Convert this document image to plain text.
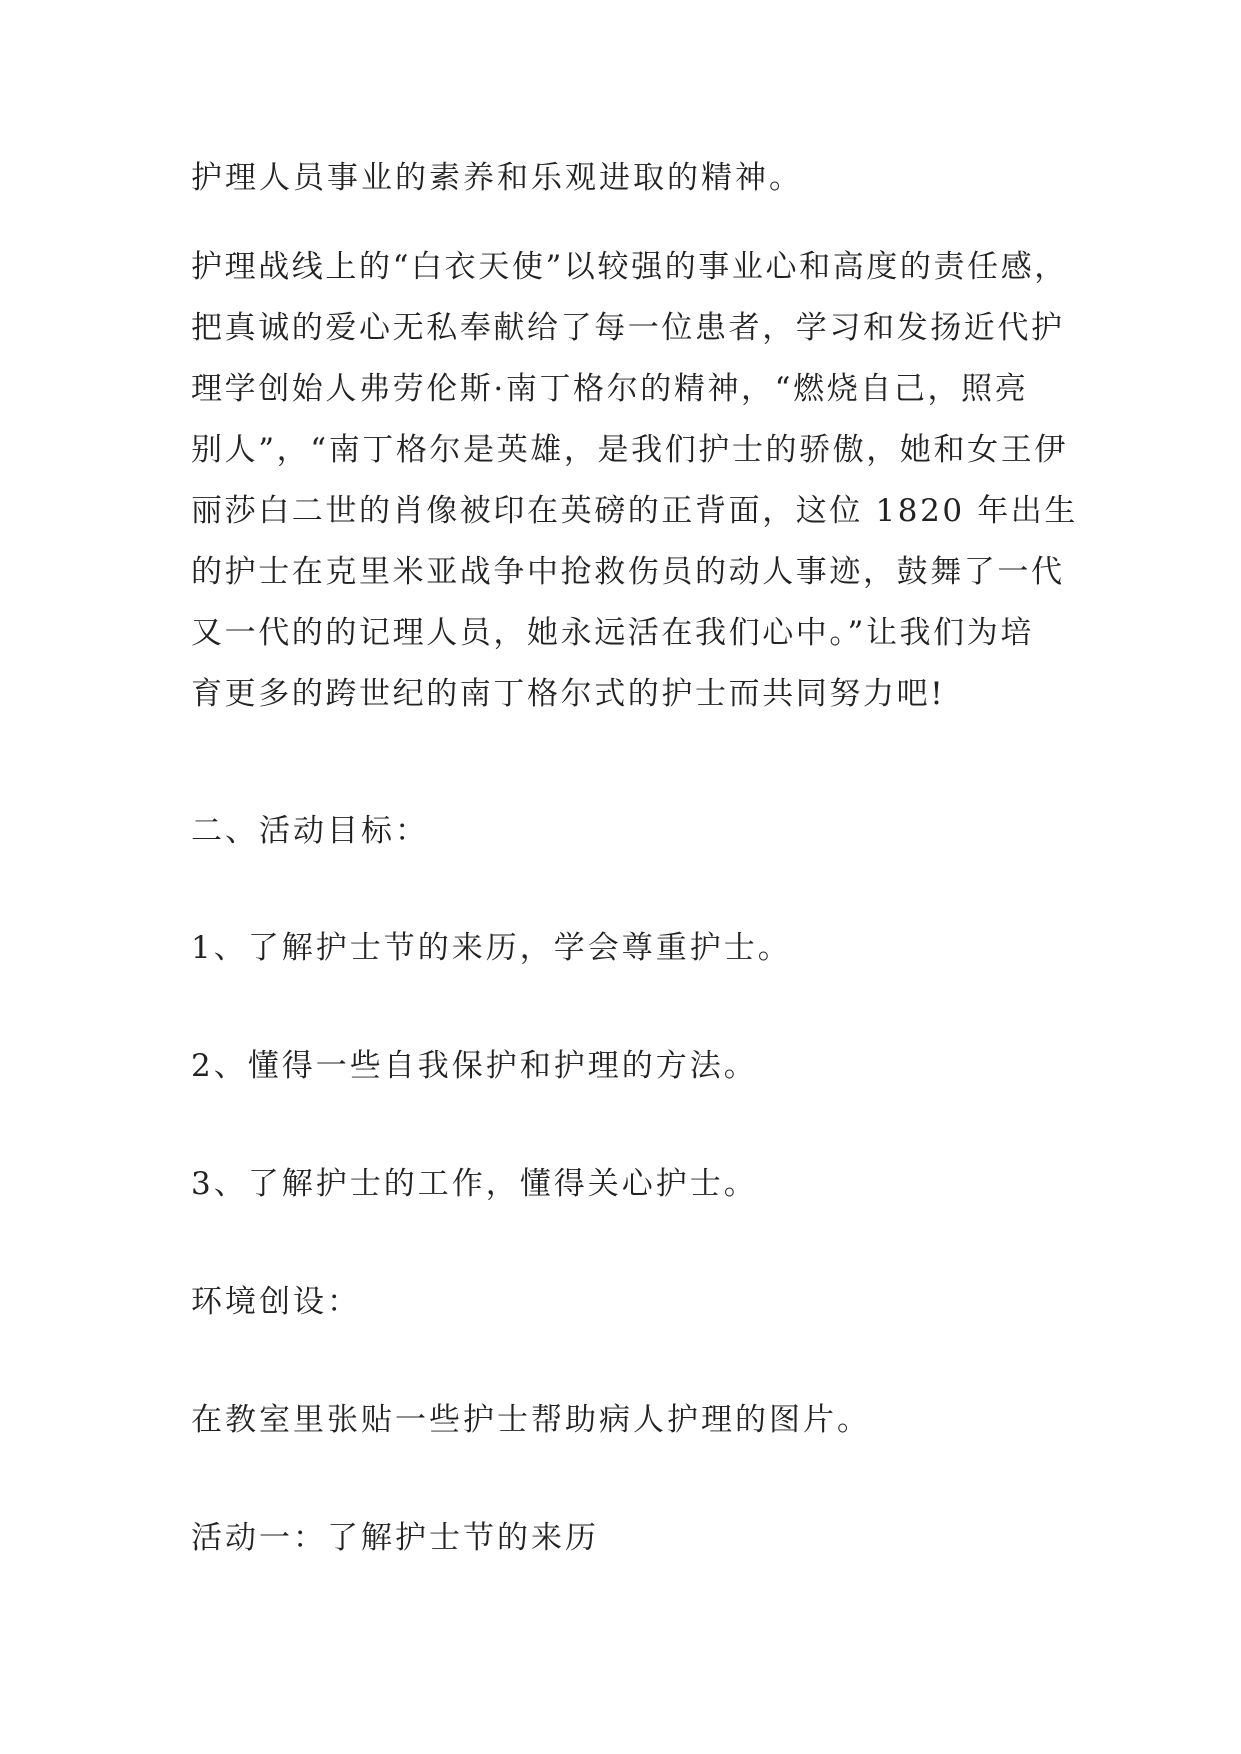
护理人员事业的素养和乐观进取的精神。

护理战线上的“白衣天使”以较强的事业心和高度的责任感，
把真诚的爱心无私奉献给了每一位患者，学习和发扬近代护
理学创始人弗劳伦斯·南丁格尔的精神，“燃烧自己，照亮
别人”，“南丁格尔是英雄，是我们护士的骄傲，她和女王伊
丽莎白二世的肖像被印在英磅的正背面，这位 1820 年出生
的护士在克里米亚战争中抢救伤员的动人事迹，鼓舞了一代
又一代的的记理人员，她永远活在我们心中。”让我们为培
育更多的跨世纪的南丁格尔式的护士而共同努力吧!

二、活动目标：

1、了解护士节的来历，学会尊重护士。

2、懂得一些自我保护和护理的方法。

3、了解护士的工作，懂得关心护士。

环境创设：

在教室里张贴一些护士帮助病人护理的图片。

活动一：了解护士节的来历
